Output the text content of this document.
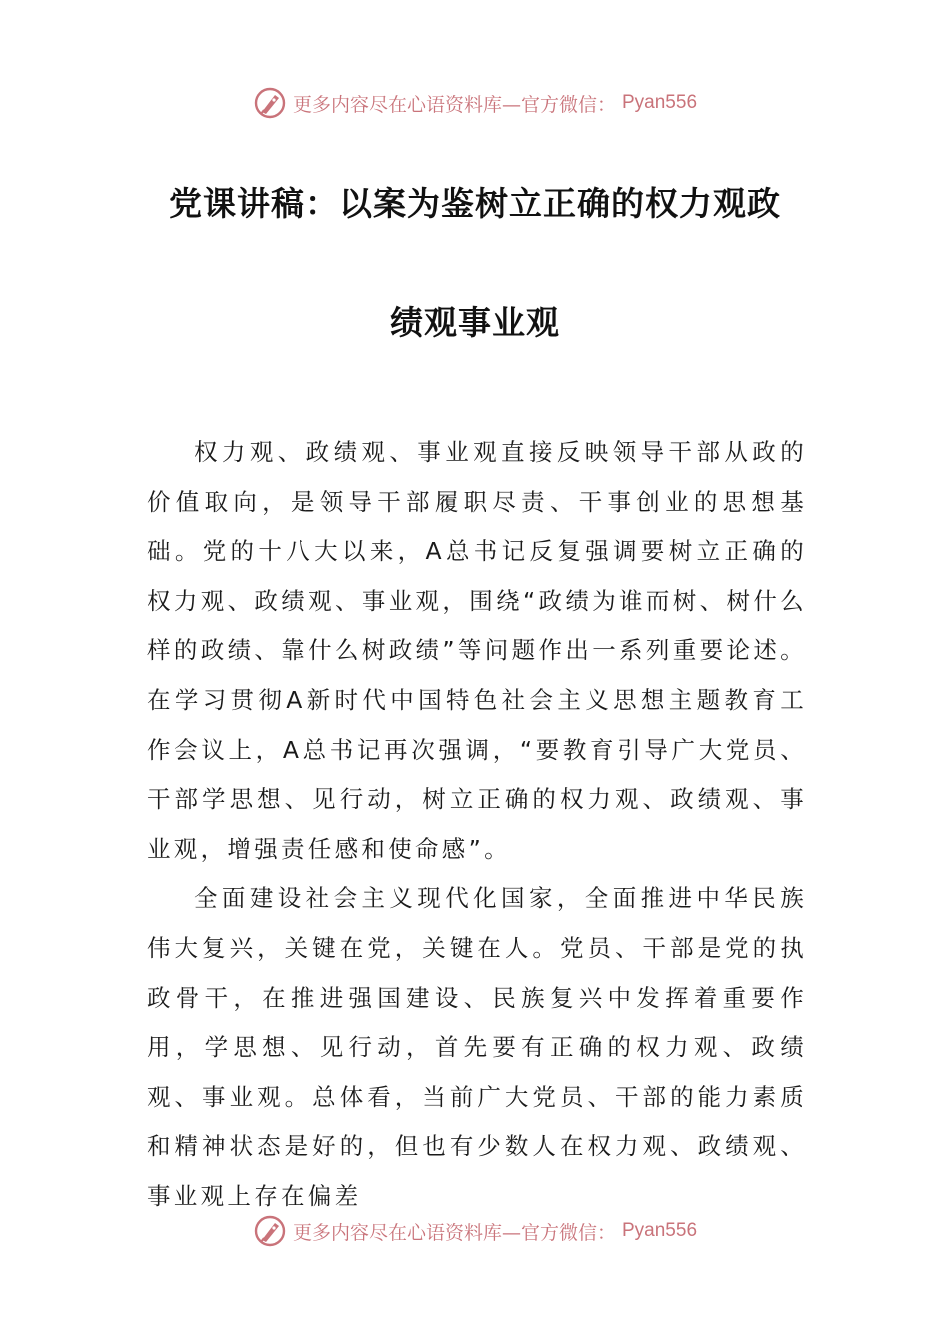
更多内容尽在心语资料库—官方微信： Pyan556
党课讲稿：以案为鉴树立正确的权力观政
绩观事业观

权力观、政绩观、事业观直接反映领导干部从政的价值取向，是领导干部履职尽责、干事创业的思想基础。党的十八大以来，A总书记反复强调要树立正确的权力观、政绩观、事业观，围绕“政绩为谁而树、树什么样的政绩、靠什么树政绩”等问题作出一系列重要论述。在学习贯彻A新时代中国特色社会主义思想主题教育工作会议上，A总书记再次强调，“要教育引导广大党员、干部学思想、见行动，树立正确的权力观、政绩观、事业观，增强责任感和使命感”。

全面建设社会主义现代化国家，全面推进中华民族伟大复兴，关键在党，关键在人。党员、干部是党的执政骨干，在推进强国建设、民族复兴中发挥着重要作用，学思想、见行动，首先要有正确的权力观、政绩观、事业观。总体看，当前广大党员、干部的能力素质和精神状态是好的，但也有少数人在权力观、政绩观、事业观上存在偏差

更多内容尽在心语资料库—官方微信： Pyan556
